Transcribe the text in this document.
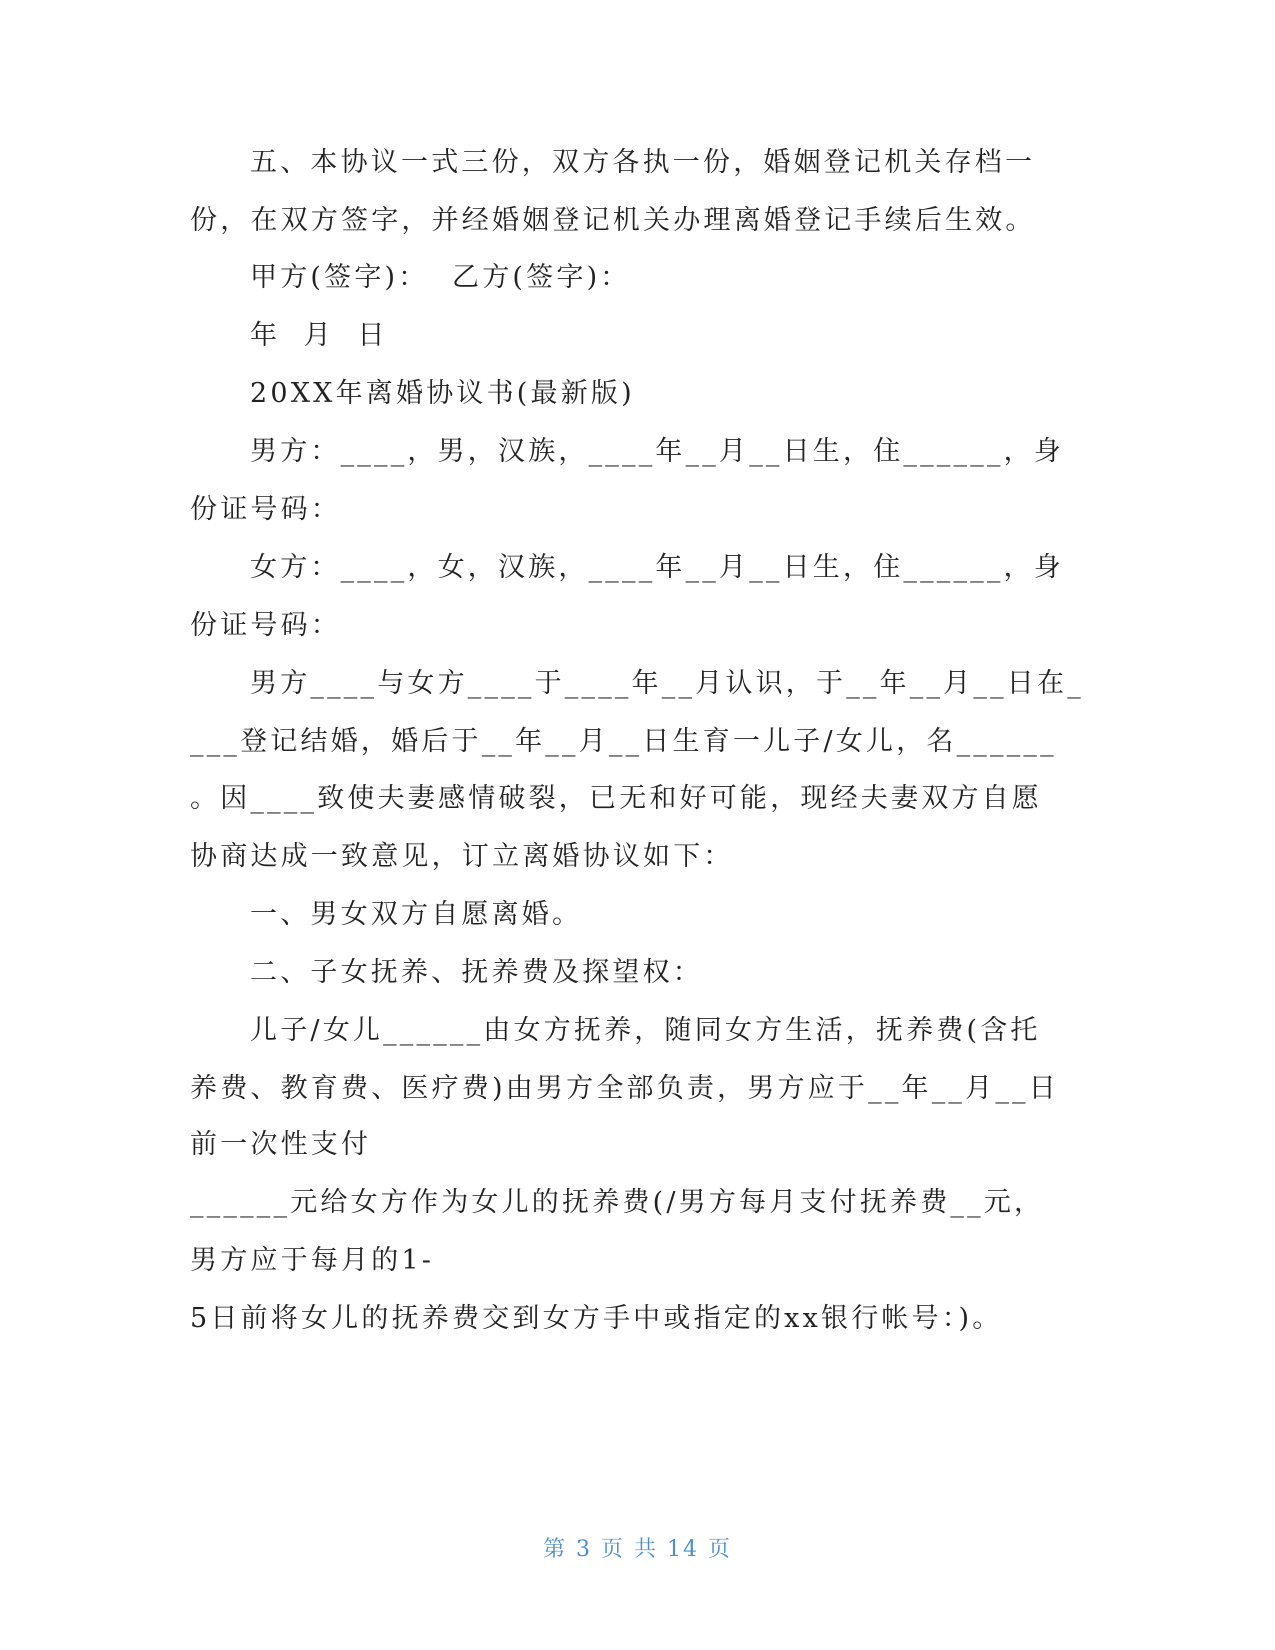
五、本协议一式三份，双方各执一份，婚姻登记机关存档一
份，在双方签字，并经婚姻登记机关办理离婚登记手续后生效。
甲方(签字)：  乙方(签字)：
年  月  日
20XX年离婚协议书(最新版)
男方：____，男，汉族，____年__月__日生，住______，身
份证号码：
女方：____，女，汉族，____年__月__日生，住______，身
份证号码：
男方____与女方____于____年__月认识，于__年__月__日在_
___登记结婚，婚后于__年__月__日生育一儿子/女儿，名______
。因____致使夫妻感情破裂，已无和好可能，现经夫妻双方自愿
协商达成一致意见，订立离婚协议如下：
一、男女双方自愿离婚。
二、子女抚养、抚养费及探望权：
儿子/女儿______由女方抚养，随同女方生活，抚养费(含托
养费、教育费、医疗费)由男方全部负责，男方应于__年__月__日
前一次性支付
______元给女方作为女儿的抚养费(/男方每月支付抚养费__元，
男方应于每月的1-
5日前将女儿的抚养费交到女方手中或指定的xx银行帐号：)。
第 3 页 共 14 页
